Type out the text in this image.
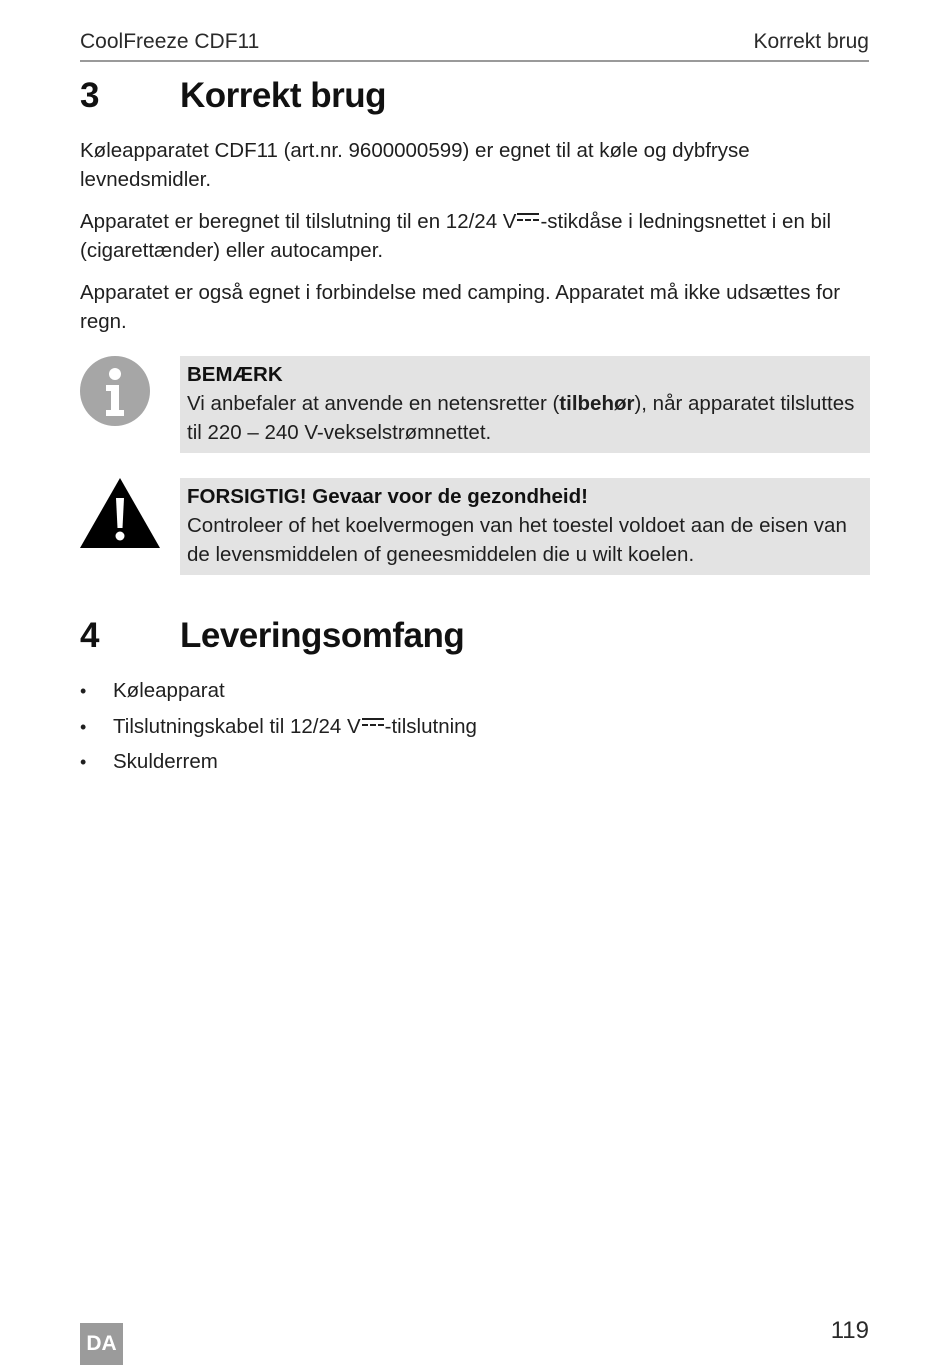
CoolFreeze CDF11	Korrekt brug
3	Korrekt brug

Køleapparatet CDF11 (art.nr. 9600000599) er egnet til at køle og dybfryse levnedsmidler.

Apparatet er beregnet til tilslutning til en 12/24 V -stikdåse i ledningsnettet i en bil (cigarettænder) eller autocamper.

Apparatet er også egnet i forbindelse med camping. Apparatet må ikke udsættes for regn.

BEMÆRK
Vi anbefaler at anvende en netensretter (tilbehør), når apparatet tilsluttes til 220 – 240 V-vekselstrømnettet.
FORSIGTIG! Gevaar voor de gezondheid!
Controleer of het koelvermogen van het toestel voldoet aan de eisen van de levensmiddelen of geneesmiddelen die u wilt koelen.
4	Leveringsomfang
•	Køleapparat
•	Tilslutningskabel til 12/24 V -tilslutning
•	Skulderrem
119
DA
